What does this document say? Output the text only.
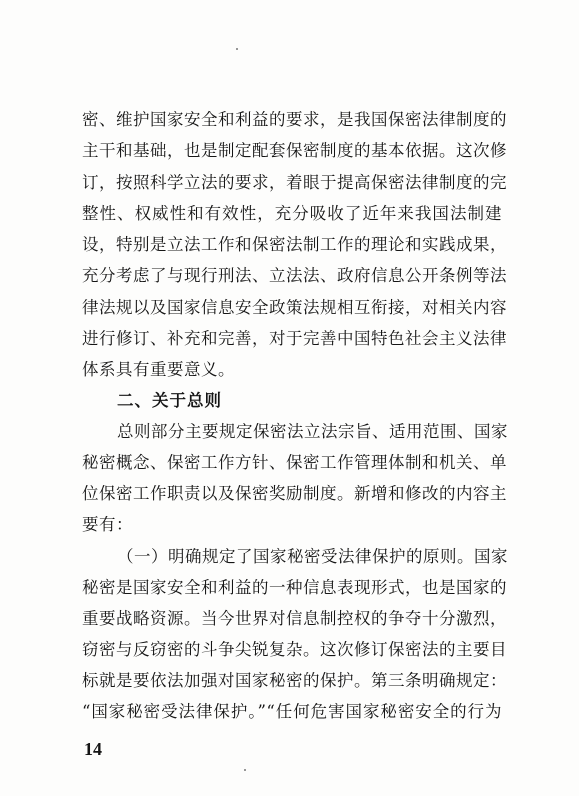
密、维护国家安全和利益的要求，是我国保密法律制度的
主干和基础，也是制定配套保密制度的基本依据。这次修
订，按照科学立法的要求，着眼于提高保密法律制度的完
整性、权威性和有效性，充分吸收了近年来我国法制建
设，特别是立法工作和保密法制工作的理论和实践成果，
充分考虑了与现行刑法、立法法、政府信息公开条例等法
律法规以及国家信息安全政策法规相互衔接，对相关内容
进行修订、补充和完善，对于完善中国特色社会主义法律
体系具有重要意义。
二、关于总则
总则部分主要规定保密法立法宗旨、适用范围、国家
秘密概念、保密工作方针、保密工作管理体制和机关、单
位保密工作职责以及保密奖励制度。新增和修改的内容主
要有：
（一）明确规定了国家秘密受法律保护的原则。国家
秘密是国家安全和利益的一种信息表现形式，也是国家的
重要战略资源。当今世界对信息制控权的争夺十分激烈，
窃密与反窃密的斗争尖锐复杂。这次修订保密法的主要目
标就是要依法加强对国家秘密的保护。第三条明确规定：
“国家秘密受法律保护。”“任何危害国家秘密安全的行为
14
